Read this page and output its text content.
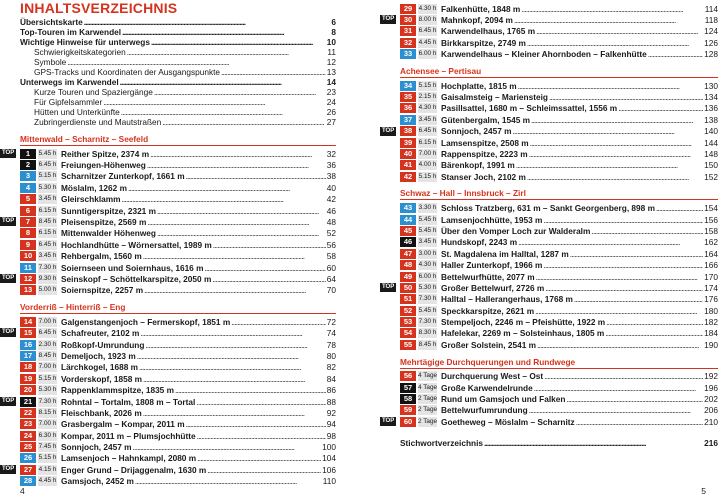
INHALTSVERZEICHNIS
Übersichtskarte . . .	6
Top-Touren im Karwendel . . .	8
Wichtige Hinweise für unterwegs . . .	10
Schwierigkeitskategorien . . .	11
Symbole . . .	12
GPS-Tracks und Koordinaten der Ausgangspunkte . . .	13
Unterwegs im Karwendel . . .	14
Kurze Touren und Spaziergänge . . .	23
Für Gipfelsammler . . .	24
Hütten und Unterkünfte . . .	26
Zubringerdienste und Mautstraßen . . .	27
Mittenwald – Scharnitz – Seefeld
TOP	1	5.45 h Reither Spitze, 2374 m . . .	32
2	6.45 h Freiungen-Höhenweg . . .	36
3	5.15 h Scharnitzer Zunterkopf, 1661 m . . .	38
4	5.30 h Möslalm, 1262 m . . .	40
5	3.45 h Gleirschklamm . . .	42
6	6.15 h Sunntigerspitze, 2321 m . . .	46
TOP	7	8.45 h Pleisenspitze, 2569 m . . .	48
8	6.15 h Mittenwalder Höhenweg . . .	52
9	6.45 h Hochlandhütte – Wörnersattel, 1989 m . . .	56
10	3.45 h Rehbergalm, 1560 m . . .	58
11	7.30 h Soiernseen und Soiernhaus, 1616 m . . .	60
TOP	12	9.30 h Seinskopf – Schöttelkarspitze, 2050 m . . .	64
13	5.00 h Soiernspitze, 2257 m . . .	70
Vorderriß – Hinterriß – Eng
14	7.00 h Galgenstangenjoch – Fermerskopf, 1851 m . . .	72
TOP	15	6.45 h Schafreuter, 2102 m . . .	74
16	2.30 h Roßkopf-Umrundung . . .	78
17	8.45 h Demeljoch, 1923 m . . .	80
18	7.00 h Lärchkogel, 1688 m . . .	82
19	5.15 h Vorderskopf, 1858 m . . .	84
20	5.30 h Rappenklammspitze, 1835 m . . .	86
TOP	21	7.30 h Rohntal – Tortalm, 1808 m – Tortal . . .	88
22	8.15 h Fleischbank, 2026 m . . .	92
23	7.00 h Grasbergalm – Kompar, 2011 m . . .	94
24	6.30 h Kompar, 2011 m – Plumsjochhütte . . .	98
25	7.45 h Sonnjoch, 2457 m . . .	100
26	5.15 h Lamsenjoch – Hahnkampl, 2080 m . . .	104
TOP	27	4.15 h Enger Grund – Drijaggenalm, 1630 m . . .	106
28	4.45 h Gamsjoch, 2452 m . . .	110
29	4.30 h Falkenhütte, 1848 m . . .	114
TOP	30	8.00 h Mahnkopf, 2094 m . . .	118
31	6.45 h Karwendelhaus, 1765 m . . .	124
32	4.45 h Birkkarspitze, 2749 m . . .	126
33	6.00 h Karwendelhaus – Kleiner Ahornboden – Falkenhütte . . .	128
Achensee – Pertisau
34	5.15 h Hochplatte, 1815 m . . .	130
35	2.15 h Gaisalmsteig – Mariensteig . . .	134
36	4.30 h Pasillsattel, 1680 m – Schleimssattel, 1556 m . . .	136
37	3.45 h Gütenbergalm, 1545 m . . .	138
TOP	38	6.45 h Sonnjoch, 2457 m . . .	140
39	6.15 h Lamsenspitze, 2508 m . . .	144
40	7.00 h Rappenspitze, 2223 m . . .	148
41	4.00 h Bärenkopf, 1991 m . . .	150
42	5.15 h Stanser Joch, 2102 m . . .	152
Schwaz – Hall – Innsbruck – Zirl
43	3.30 h Schloss Tratzberg, 631 m – Sankt Georgenberg, 898 m . . .	154
44	5.45 h Lamsenjochhütte, 1953 m . . .	156
45	5.45 h Über den Vomper Loch zur Walderalm . . .	158
46	3.45 h Hundskopf, 2243 m . . .	162
47	3.00 h St. Magdalena im Halltal, 1287 m . . .	164
48	4.30 h Haller Zunterkopf, 1966 m . . .	166
49	6.00 h Bettelwurfhütte, 2077 m . . .	170
TOP	50	5.30 h Großer Bettelwurf, 2726 m . . .	174
51	7.30 h Halltal – Hallerangerhaus, 1768 m . . .	176
52	5.45 h Speckkarspitze, 2621 m . . .	180
53	7.30 h Stempeljoch, 2246 m – Pfeishütte, 1922 m . . .	182
54	8.30 h Hafelekar, 2269 m – Solsteinhaus, 1805 m . . .	184
55	8.45 h Großer Solstein, 2541 m . . .	190
Mehrtägige Durchquerungen und Rundwege
56 4 Tage Durchquerung West – Ost . . .	192
57 4 Tage Große Karwendelrunde . . .	196
58 2 Tage Rund um Gamsjoch und Falken . . .	202
59 2 Tage Bettelwurfumrundung . . .	206
TOP	60 2 Tage Goetheweg – Möslalm – Scharnitz . . .	210
Stichwortverzeichnis . . .	216
4	5
